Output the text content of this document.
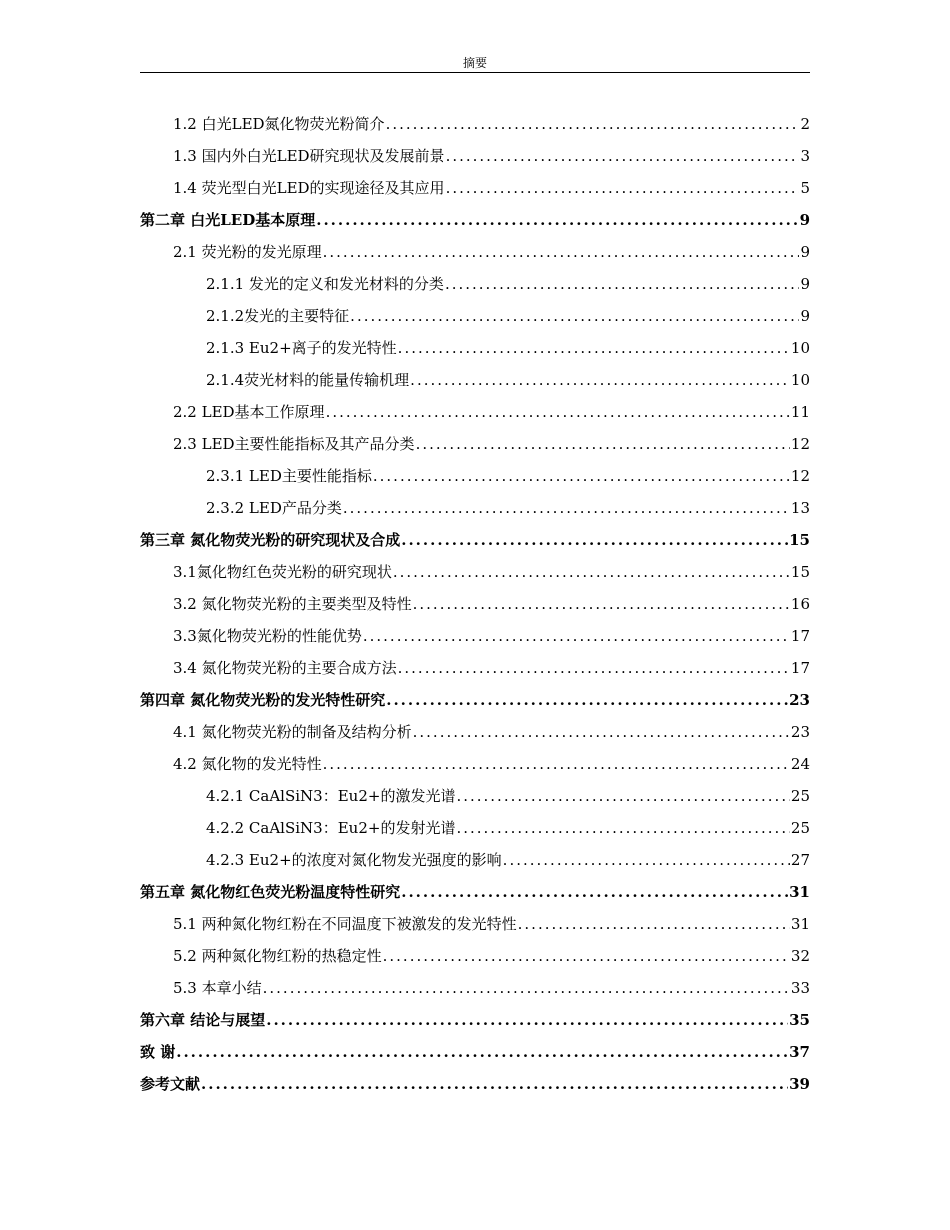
摘要
1.2 白光LED氮化物荧光粉简介 .....	2
1.3 国内外白光LED研究现状及发展前景 .....	3
1.4 荧光型白光LED的实现途径及其应用 .....	5
第二章 白光LED基本原理 .....	9
2.1 荧光粉的发光原理 .....	9
2.1.1 发光的定义和发光材料的分类 .....	9
2.1.2发光的主要特征 .....	9
2.1.3 Eu2+离子的发光特性 .....	10
2.1.4荧光材料的能量传输机理 .....	10
2.2 LED基本工作原理 .....	11
2.3 LED主要性能指标及其产品分类 .....	12
2.3.1 LED主要性能指标 .....	12
2.3.2 LED产品分类 .....	13
第三章 氮化物荧光粉的研究现状及合成 .....	15
3.1氮化物红色荧光粉的研究现状 .....	15
3.2 氮化物荧光粉的主要类型及特性 .....	16
3.3氮化物荧光粉的性能优势 .....	17
3.4 氮化物荧光粉的主要合成方法 .....	17
第四章 氮化物荧光粉的发光特性研究 .....	23
4.1 氮化物荧光粉的制备及结构分析 .....	23
4.2 氮化物的发光特性 .....	24
4.2.1 CaAlSiN3：Eu2+的激发光谱 .....	25
4.2.2 CaAlSiN3：Eu2+的发射光谱 .....	25
4.2.3 Eu2+的浓度对氮化物发光强度的影响 .....	27
第五章 氮化物红色荧光粉温度特性研究 .....	31
5.1 两种氮化物红粉在不同温度下被激发的发光特性 .....	31
5.2 两种氮化物红粉的热稳定性 .....	32
5.3 本章小结 .....	33
第六章 结论与展望 .....	35
致 谢 .....	37
参考文献 .....	39
